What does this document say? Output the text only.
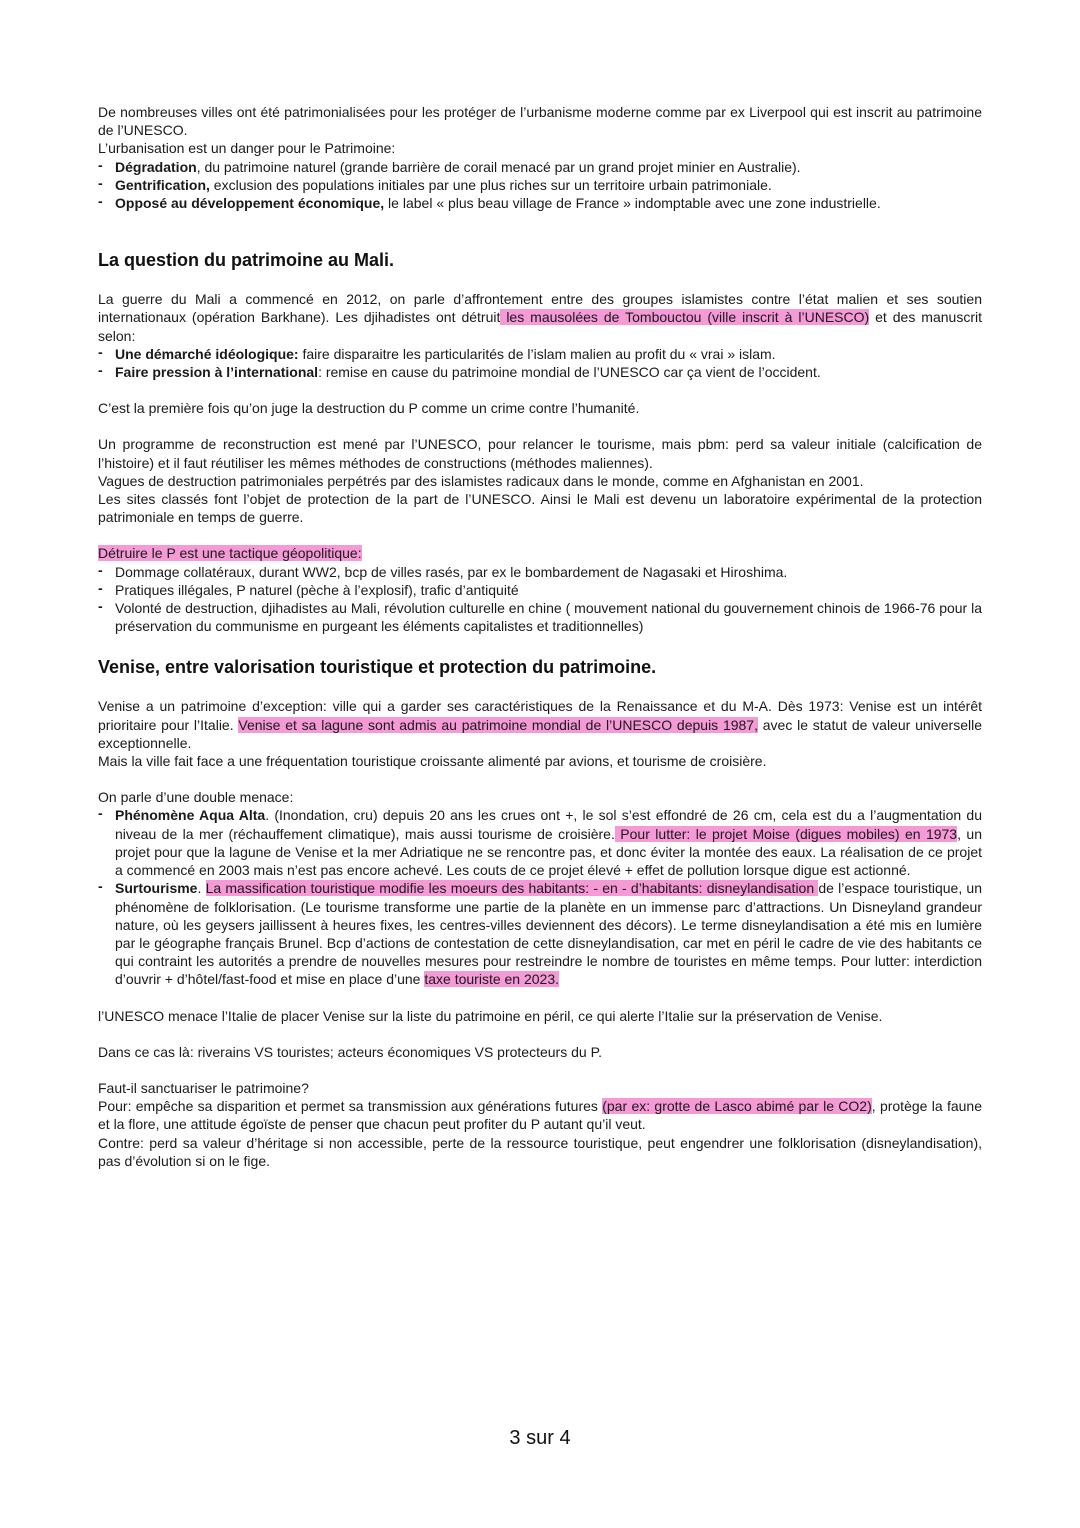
De nombreuses villes ont été patrimonialisées pour les protéger de l’urbanisme moderne comme par ex Liverpool qui est inscrit au patrimoine de l’UNESCO.

L’urbanisation est un danger pour le Patrimoine:

- Dégradation, du patrimoine naturel (grande barrière de corail menacé par un grand projet minier en Australie).
- Gentrification, exclusion des populations initiales par une plus riches sur un territoire urbain patrimoniale.
- Opposé au développement économique, le label « plus beau village de France » indomptable avec une zone industrielle.
La question du patrimoine au Mali.

La guerre du Mali a commencé en 2012, on parle d’affrontement entre des groupes islamistes contre l’état malien et ses soutien internationaux (opération Barkhane). Les djihadistes ont détruit les mausolées de Tombouctou (ville inscrit à l’UNESCO) et des manuscrit selon:

- Une démarché idéologique: faire disparaitre les particularités de l’islam malien au profit du « vrai » islam.
- Faire pression à l’international: remise en cause du patrimoine mondial de l’UNESCO car ça vient de l’occident.

C’est la première fois qu’on juge la destruction du P comme un crime contre l’humanité.

Un programme de reconstruction est mené par l’UNESCO, pour relancer le tourisme, mais pbm: perd sa valeur initiale (calcification de l’histoire) et il faut réutiliser les mêmes méthodes de constructions (méthodes maliennes).

Vagues de destruction patrimoniales perpétrés par des islamistes radicaux dans le monde, comme en Afghanistan en 2001.

Les sites classés font l’objet de protection de la part de l’UNESCO. Ainsi le Mali est devenu un laboratoire expérimental de la protection patrimoniale en temps de guerre.

Détruire le P est une tactique géopolitique:

- Dommage collatéraux, durant WW2, bcp de villes rasés, par ex le bombardement de Nagasaki et Hiroshima.
- Pratiques illégales, P naturel (pèche à l’explosif), trafic d’antiquité
- Volonté de destruction, djihadistes au Mali, révolution culturelle en chine ( mouvement national du gouvernement chinois de 1966-76 pour la préservation du communisme en purgeant les éléments capitalistes et traditionnelles)
Venise, entre valorisation touristique et protection du patrimoine.

Venise a un patrimoine d’exception: ville qui a garder ses caractéristiques de la Renaissance et du M-A. Dès 1973: Venise est un intérêt prioritaire pour l’Italie. Venise et sa lagune sont admis au patrimoine mondial de l’UNESCO depuis 1987, avec le statut de valeur universelle exceptionnelle.

Mais la ville fait face a une fréquentation touristique croissante alimenté par avions, et tourisme de croisière.

On parle d’une double menace:

- Phénomène Aqua Alta. (Inondation, cru) depuis 20 ans les crues ont +, le sol s’est effondré de 26 cm, cela est du a l’augmentation du niveau de la mer (réchauffement climatique), mais aussi tourisme de croisière. Pour lutter: le projet Moise (digues mobiles) en 1973, un projet pour que la lagune de Venise et la mer Adriatique ne se rencontre pas, et donc éviter la montée des eaux. La réalisation de ce projet a commencé en 2003 mais n’est pas encore achevé. Les couts de ce projet élevé + effet de pollution lorsque digue est actionné.
- Surtourisme. La massification touristique modifie les moeurs des habitants: - en - d’habitants: disneylandisation de l’espace touristique, un phénomène de folklorisation. (Le tourisme transforme une partie de la planète en un immense parc d’attractions. Un Disneyland grandeur nature, où les geysers jaillissent à heures fixes, les centres-villes deviennent des décors). Le terme disneylandisation a été mis en lumière par le géographe français Brunel. Bcp d’actions de contestation de cette disneylandisation, car met en péril le cadre de vie des habitants ce qui contraint les autorités a prendre de nouvelles mesures pour restreindre le nombre de touristes en même temps. Pour lutter: interdiction d’ouvrir + d’hôtel/fast-food et mise en place d’une taxe touriste en 2023.

l’UNESCO menace l’Italie de placer Venise sur la liste du patrimoine en péril, ce qui alerte l’Italie sur la préservation de Venise.

Dans ce cas là: riverains VS touristes; acteurs économiques VS protecteurs du P.

Faut-il sanctuariser le patrimoine?

Pour: empêche sa disparition et permet sa transmission aux générations futures (par ex: grotte de Lasco abimé par le CO2), protège la faune et la flore, une attitude égoïste de penser que chacun peut profiter du P autant qu’il veut.

Contre: perd sa valeur d’héritage si non accessible, perte de la ressource touristique, peut engendrer une folklorisation (disneylandisation), pas d’évolution si on le fige.

3 sur 4
